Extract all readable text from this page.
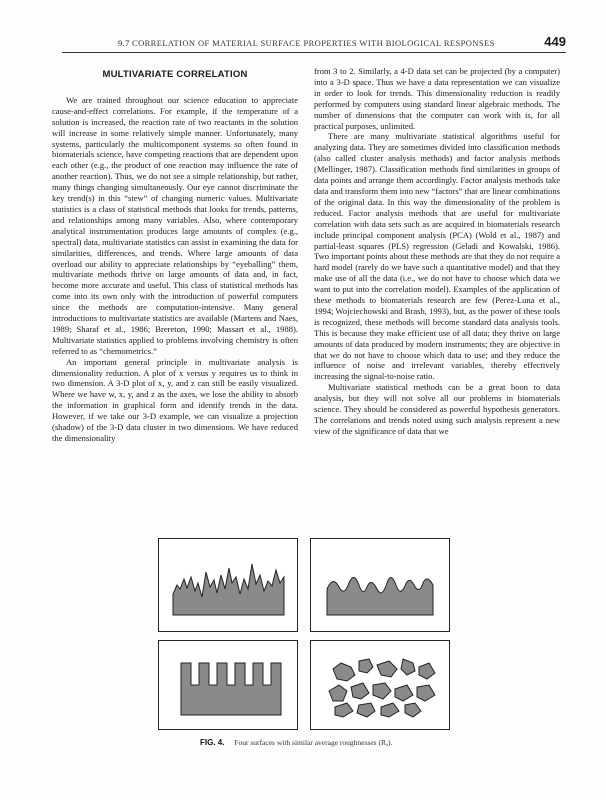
9.7 CORRELATION OF MATERIAL SURFACE PROPERTIES WITH BIOLOGICAL RESPONSES	449
MULTIVARIATE CORRELATION

We are trained throughout our science education to appreciate cause-and-effect correlations. For example, if the temperature of a solution is increased, the reaction rate of two reactants in the solution will increase in some relatively simple manner. Unfortunately, many systems, particularly the multicomponent systems so often found in biomaterials science, have competing reactions that are dependent upon each other (e.g., the product of one reaction may influence the rate of another reaction). Thus, we do not see a simple relationship, but rather, many things changing simultaneously. Our eye cannot discriminate the key trend(s) in this “stew” of changing numeric values. Multivariate statistics is a class of statistical methods that looks for trends, patterns, and relationships among many variables. Also, where contemporary analytical instrumentation produces large amounts of complex (e.g., spectral) data, multivariate statistics can assist in examining the data for similarities, differences, and trends. Where large amounts of data overload our ability to appreciate relationships by “eyeballing” them, multivariate methods thrive on large amounts of data and, in fact, become more accurate and useful. This class of statistical methods has come into its own only with the introduction of powerful computers since the methods are computation-intensive. Many general introductions to multivariate statistics are available (Martens and Naes, 1989; Sharaf et al., 1986; Brereton, 1990; Massart et al., 1988). Multivariate statistics applied to problems involving chemistry is often referred to as “chemometrics.”

An important general principle in multivariate analysis is dimensionality reduction. A plot of x versus y requires us to think in two dimension. A 3-D plot of x, y, and z can still be easily visualized. Where we have w, x, y, and z as the axes, we lose the ability to absorb the information in graphical form and identify trends in the data. However, if we take our 3-D example, we can visualize a projection (shadow) of the 3-D data cluster in two dimensions. We have reduced the dimensionality

from 3 to 2. Similarly, a 4-D data set can be projected (by a computer) into a 3-D space. Thus we have a data representation we can visualize in order to look for trends. This dimensionality reduction is readily performed by computers using standard linear algebraic methods. The number of dimensions that the computer can work with is, for all practical purposes, unlimited.

There are many multivariate statistical algorithms useful for analyzing data. They are sometimes divided into classification methods (also called cluster analysis methods) and factor analysis methods (Mellinger, 1987). Classification methods find similarities in groups of data points and arrange them accordingly. Factor analysis methods take data and transform them into new “factors” that are linear combinations of the original data. In this way the dimensionality of the problem is reduced. Factor analysis methods that are useful for multivariate correlation with data sets such as are acquired in biomaterials research include principal component analysis (PCA) (Wold et al., 1987) and partial-least squares (PLS) regression (Geladi and Kowalski, 1986). Two important points about these methods are that they do not require a hard model (rarely do we have such a quantitative model) and that they make use of all the data (i.e., we do not have to choose which data we want to put into the correlation model). Examples of the application of these methods to biomaterials research are few (Perez-Luna et al., 1994; Wojciechowski and Brash, 1993), but, as the power of these tools is recognized, these methods will become standard data analysis tools. This is because they make efficient use of all data; they thrive on large amounts of data produced by modern instruments; they are objective in that we do not have to choose which data to use; and they reduce the influence of noise and irrelevant variables, thereby effectively increasing the signal-to-noise ratio.

Multivariate statistical methods can be a great boon to data analysis, but they will not solve all our problems in biomaterials science. They should be considered as powerful hypothesis generators. The correlations and trends noted using such analysis represent a new view of the significance of data that we

FIG. 4. Four surfaces with similar average roughnesses (Rₐ).
